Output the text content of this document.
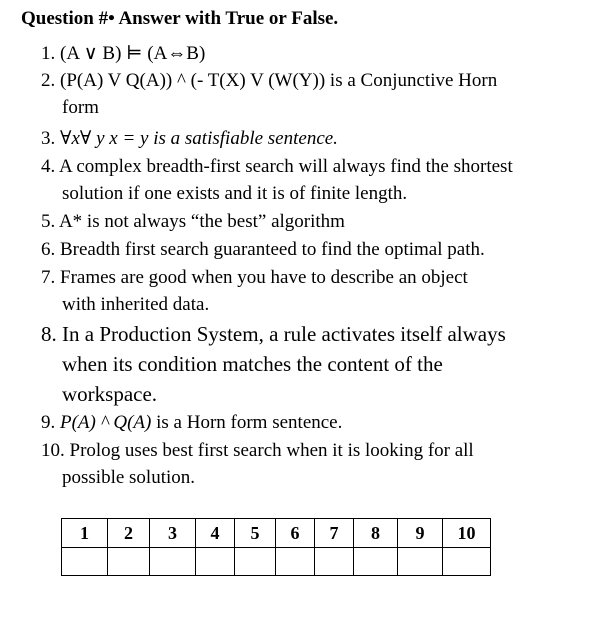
Question #• Answer with True or False.
1. (A ∨ B) ⊨ (A⇔B)
2. (P(A) V Q(A)) ^ (- T(X) V (W(Y)) is a Conjunctive Horn
form
3. ∀x∀ y x = y is a satisfiable sentence.
4. A complex breadth-first search will always find the shortest
solution if one exists and it is of finite length.
5. A* is not always “the best” algorithm
6. Breadth first search guaranteed to find the optimal path.
7. Frames are good when you have to describe an object
with inherited data.
8. In a Production System, a rule activates itself always
when its condition matches the content of the
workspace.
9. P(A) ^ Q(A) is a Horn form sentence.
10. Prolog uses best first search when it is looking for all
possible solution.
1	2	3	4	5	6	7	8	9	10
